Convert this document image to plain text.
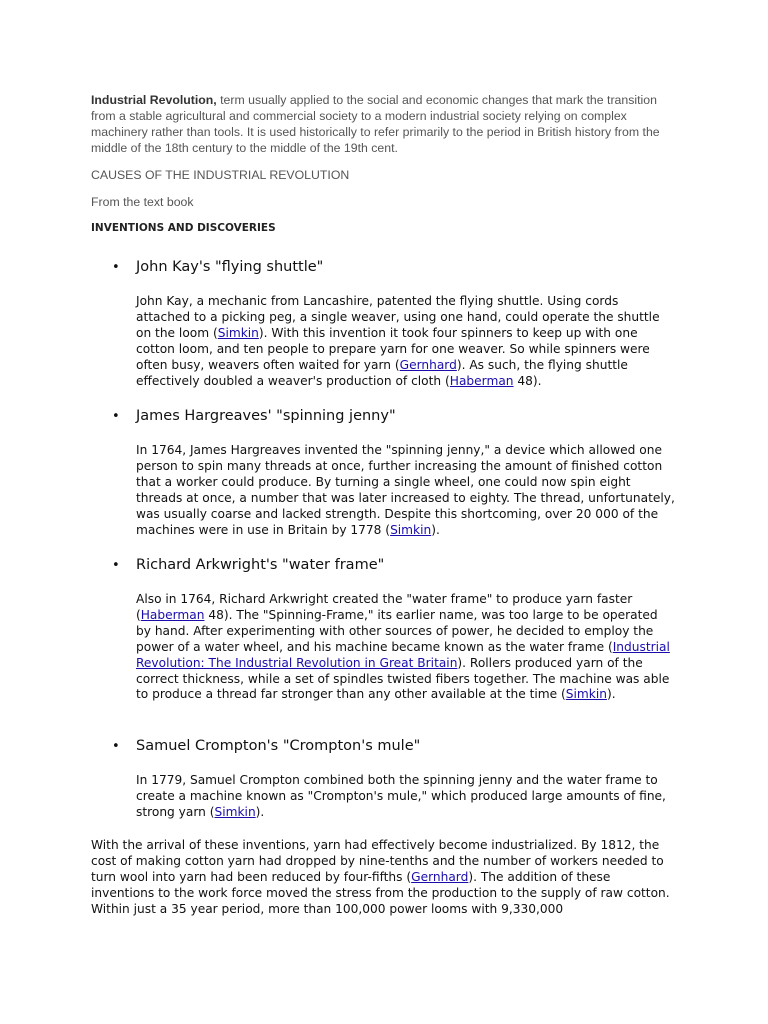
Industrial Revolution, term usually applied to the social and economic changes that mark the transition from a stable agricultural and commercial society to a modern industrial society relying on complex machinery rather than tools. It is used historically to refer primarily to the period in British history from the middle of the 18th century to the middle of the 19th cent.

CAUSES OF THE INDUSTRIAL REVOLUTION

From the text book

INVENTIONS AND DISCOVERIES

• John Kay's "flying shuttle"

John Kay, a mechanic from Lancashire, patented the flying shuttle. Using cords attached to a picking peg, a single weaver, using one hand, could operate the shuttle on the loom (Simkin). With this invention it took four spinners to keep up with one cotton loom, and ten people to prepare yarn for one weaver. So while spinners were often busy, weavers often waited for yarn (Gernhard). As such, the flying shuttle effectively doubled a weaver's production of cloth (Haberman 48).

• James Hargreaves' "spinning jenny"

In 1764, James Hargreaves invented the "spinning jenny," a device which allowed one person to spin many threads at once, further increasing the amount of finished cotton that a worker could produce. By turning a single wheel, one could now spin eight threads at once, a number that was later increased to eighty. The thread, unfortunately, was usually coarse and lacked strength. Despite this shortcoming, over 20 000 of the machines were in use in Britain by 1778 (Simkin).

• Richard Arkwright's "water frame"

Also in 1764, Richard Arkwright created the "water frame" to produce yarn faster (Haberman 48). The "Spinning-Frame," its earlier name, was too large to be operated by hand. After experimenting with other sources of power, he decided to employ the power of a water wheel, and his machine became known as the water frame (Industrial Revolution: The Industrial Revolution in Great Britain). Rollers produced yarn of the correct thickness, while a set of spindles twisted fibers together. The machine was able to produce a thread far stronger than any other available at the time (Simkin).

• Samuel Crompton's "Crompton's mule"

In 1779, Samuel Crompton combined both the spinning jenny and the water frame to create a machine known as "Crompton's mule," which produced large amounts of fine, strong yarn (Simkin).

With the arrival of these inventions, yarn had effectively become industrialized. By 1812, the cost of making cotton yarn had dropped by nine-tenths and the number of workers needed to turn wool into yarn had been reduced by four-fifths (Gernhard). The addition of these inventions to the work force moved the stress from the production to the supply of raw cotton. Within just a 35 year period, more than 100,000 power looms with 9,330,000
